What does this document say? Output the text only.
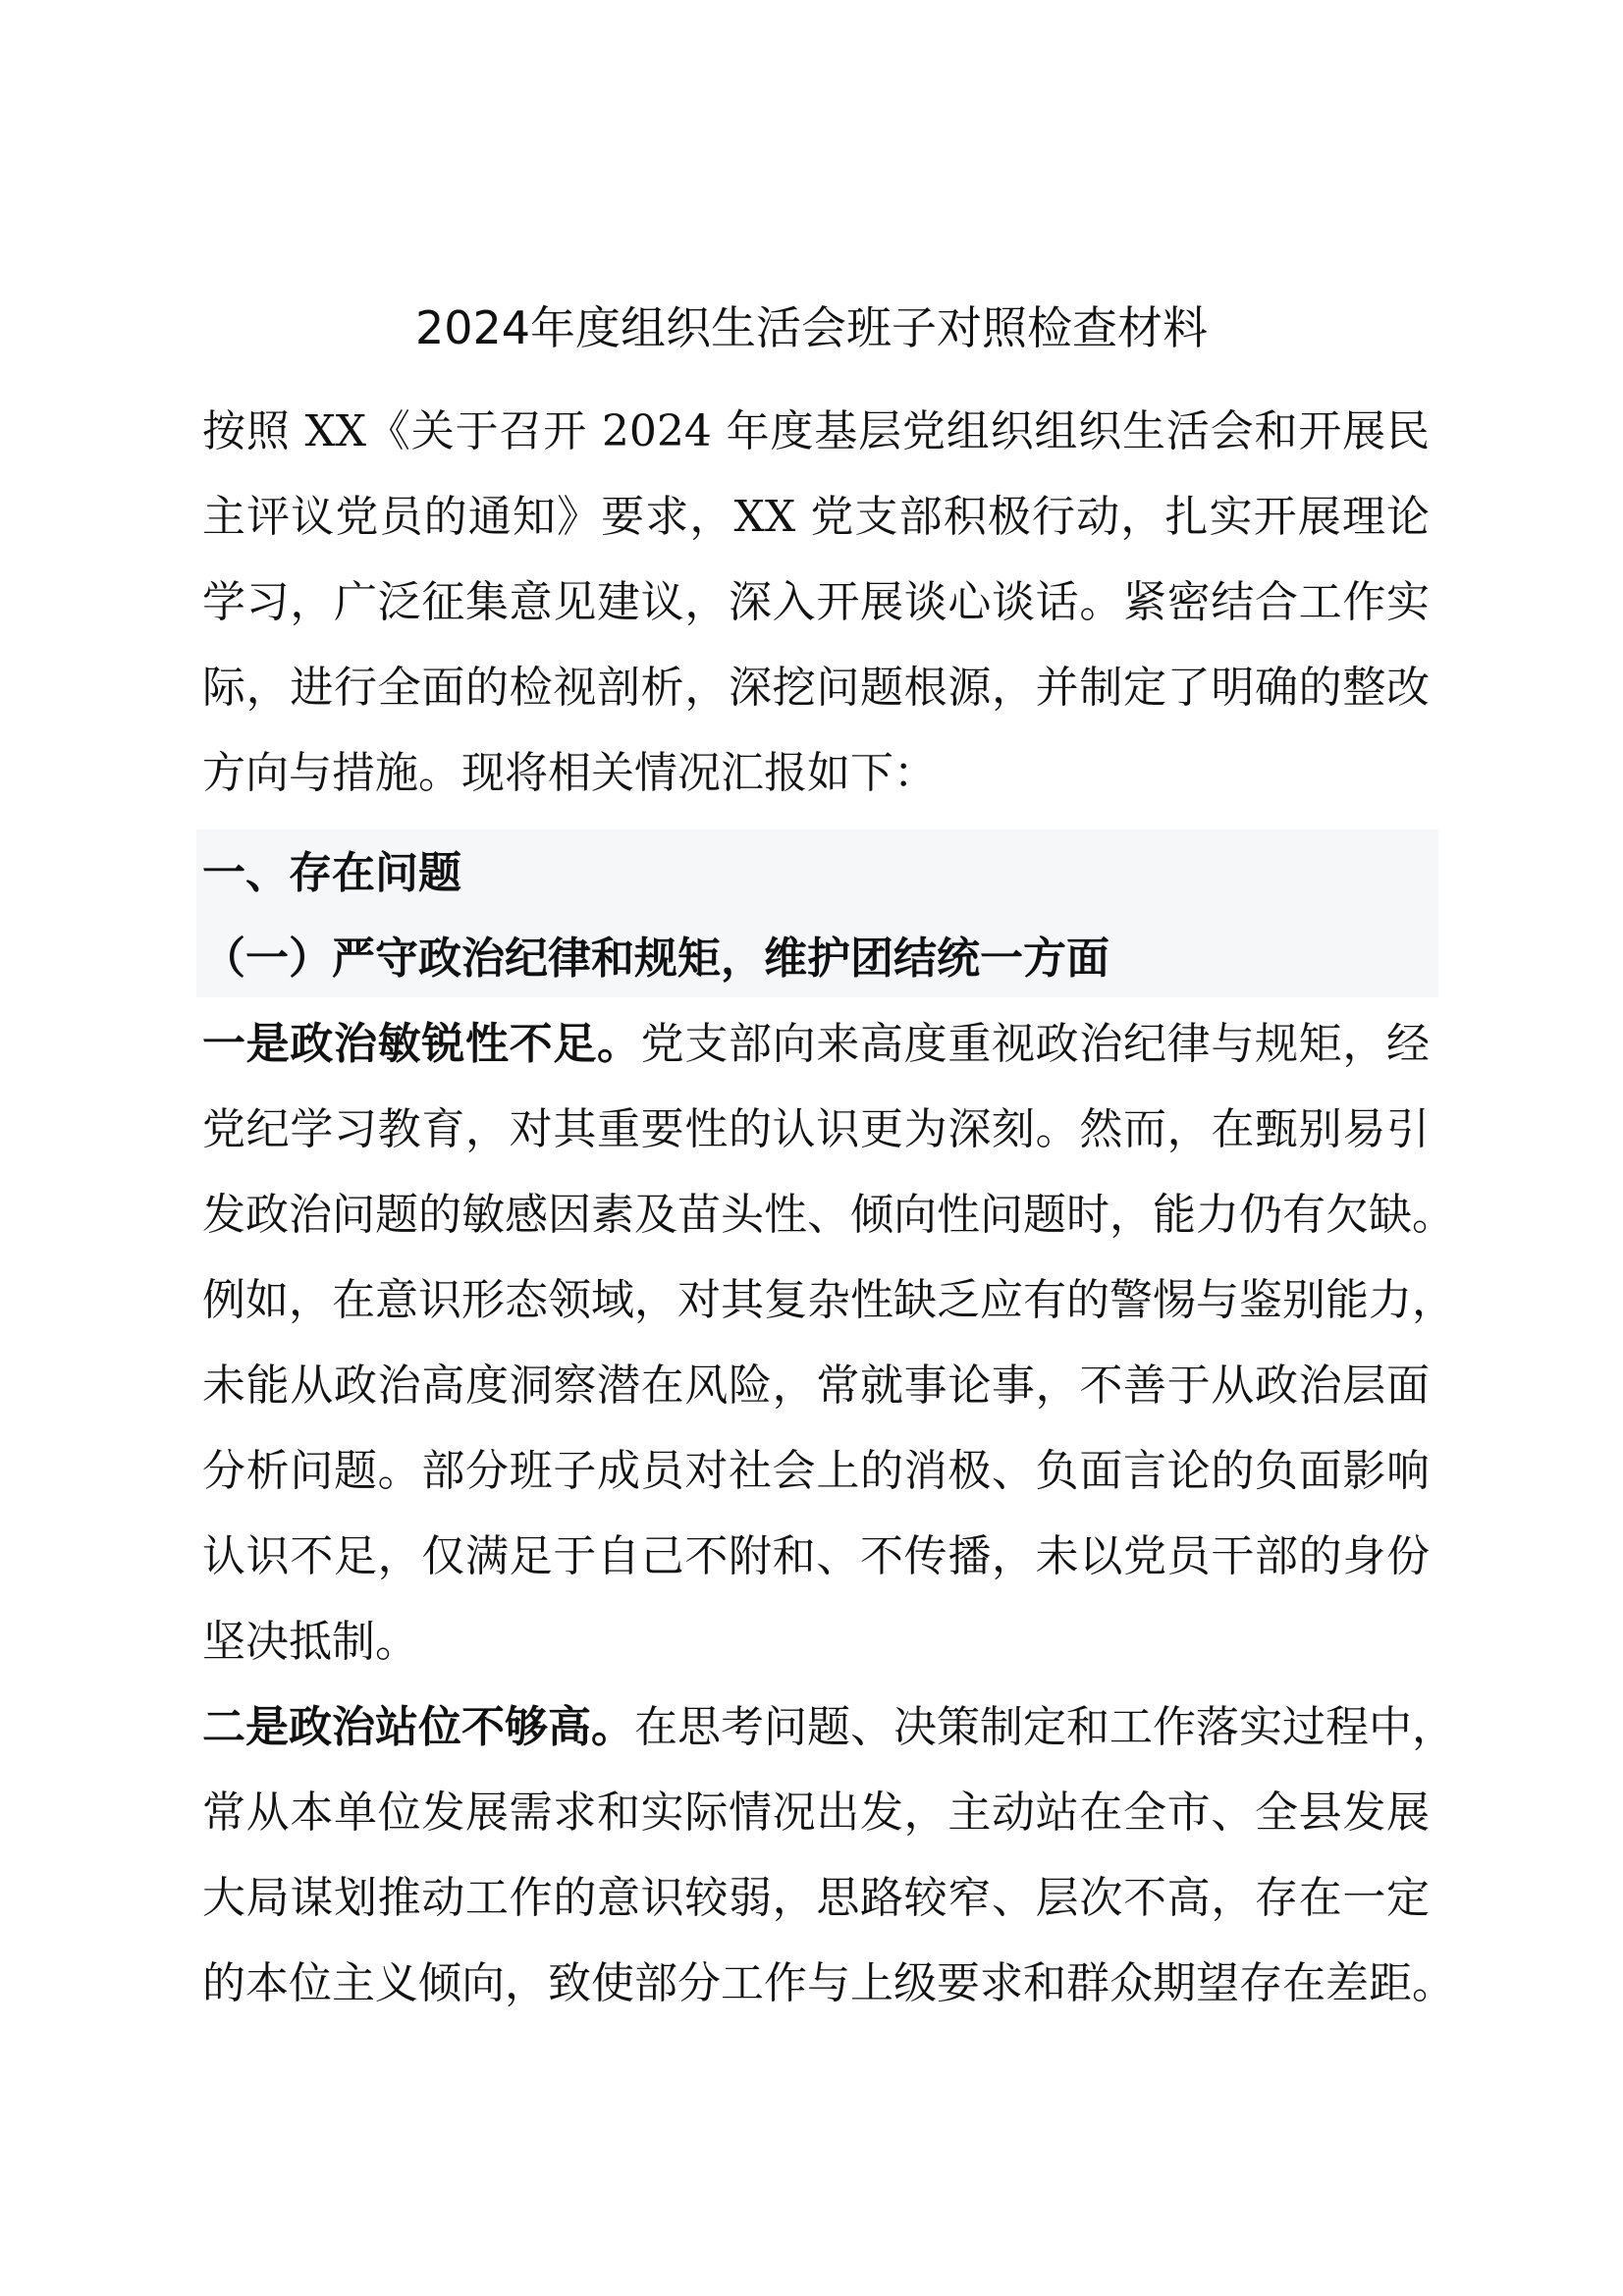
2024年度组织生活会班子对照检查材料
按照 XX《关于召开 2024 年度基层党组织组织生活会和开展民
主评议党员的通知》要求，XX 党支部积极行动，扎实开展理论
学习，广泛征集意见建议，深入开展谈心谈话。紧密结合工作实
际，进行全面的检视剖析，深挖问题根源，并制定了明确的整改
方向与措施。现将相关情况汇报如下：
一、存在问题
（一）严守政治纪律和规矩，维护团结统一方面
一是政治敏锐性不足。党支部向来高度重视政治纪律与规矩，经
党纪学习教育，对其重要性的认识更为深刻。然而，在甄别易引
发政治问题的敏感因素及苗头性、倾向性问题时，能力仍有欠缺。
例如，在意识形态领域，对其复杂性缺乏应有的警惕与鉴别能力，
未能从政治高度洞察潜在风险，常就事论事，不善于从政治层面
分析问题。部分班子成员对社会上的消极、负面言论的负面影响
认识不足，仅满足于自己不附和、不传播，未以党员干部的身份
坚决抵制。
二是政治站位不够高。在思考问题、决策制定和工作落实过程中，
常从本单位发展需求和实际情况出发，主动站在全市、全县发展
大局谋划推动工作的意识较弱，思路较窄、层次不高，存在一定
的本位主义倾向，致使部分工作与上级要求和群众期望存在差距。
